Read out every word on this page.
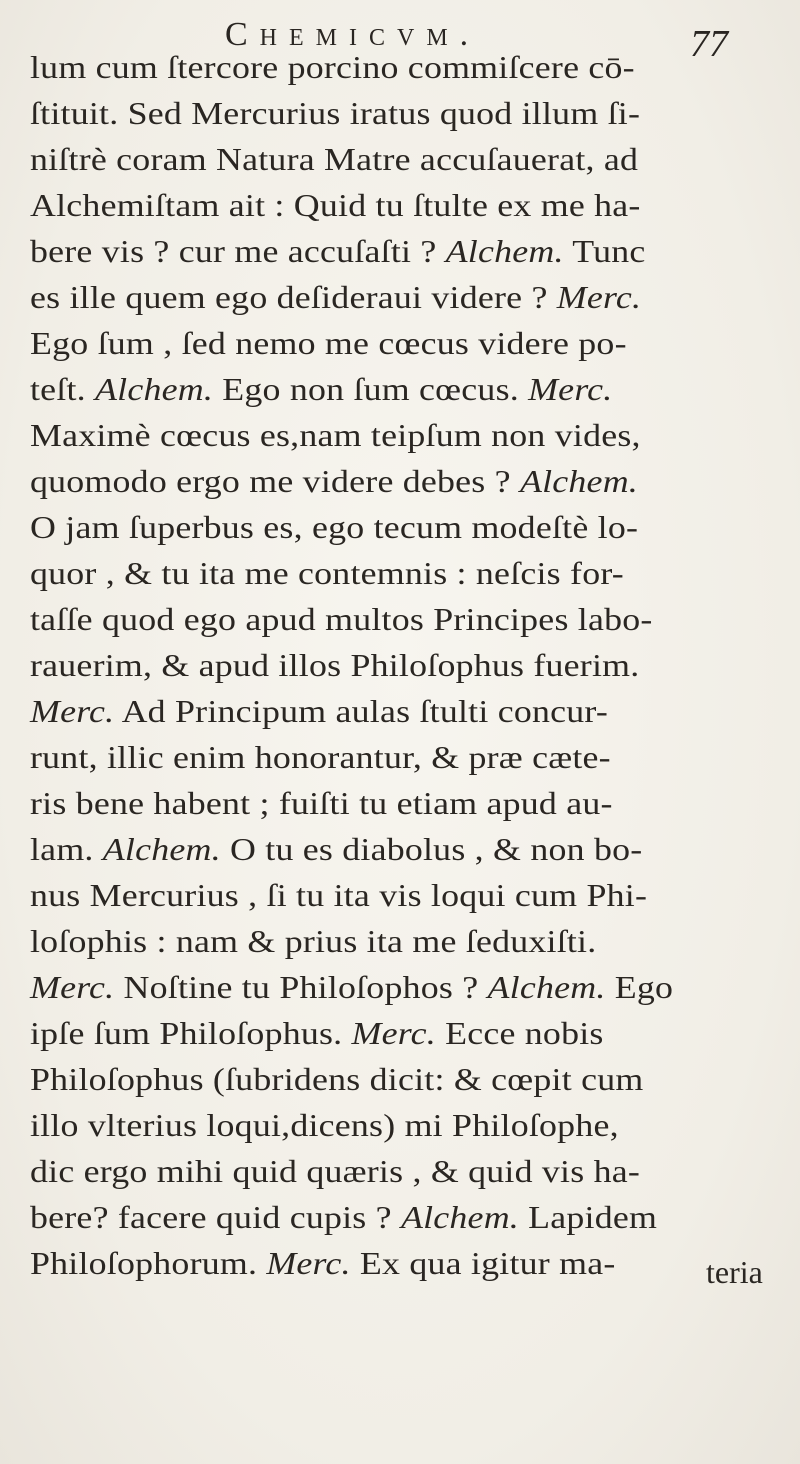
Chemicvm.	77
lum cum ſtercore porcino commiſcere cō-
ſtituit. Sed Mercurius iratus quod illum ſi-
niſtrè coram Natura Matre accuſauerat, ad
Alchemiſtam ait : Quid tu ſtulte ex me ha-
bere vis ? cur me accuſaſti ? Alchem. Tunc
es ille quem ego deſideraui videre ? Merc.
Ego ſum , ſed nemo me cœcus videre po-
teſt. Alchem. Ego non ſum cœcus. Merc.
Maximè cœcus es,nam teipſum non vides,
quomodo ergo me videre debes ? Alchem.
O jam ſuperbus es, ego tecum modeſtè lo-
quor , & tu ita me contemnis : neſcis for-
taſſe quod ego apud multos Principes labo-
rauerim, & apud illos Philoſophus fuerim.
Merc. Ad Principum aulas ſtulti concur-
runt, illic enim honorantur, & præ cæte-
ris bene habent ; fuiſti tu etiam apud au-
lam. Alchem. O tu es diabolus , & non bo-
nus Mercurius , ſi tu ita vis loqui cum Phi-
loſophis : nam & prius ita me ſeduxiſti.
Merc. Noſtine tu Philoſophos ? Alchem. Ego
ipſe ſum Philoſophus. Merc. Ecce nobis
Philoſophus (ſubridens dicit: & cœpit cum
illo vlterius loqui,dicens) mi Philoſophe,
dic ergo mihi quid quæris , & quid vis ha-
bere? facere quid cupis ? Alchem. Lapidem
Philoſophorum. Merc. Ex qua igitur ma-	teria
